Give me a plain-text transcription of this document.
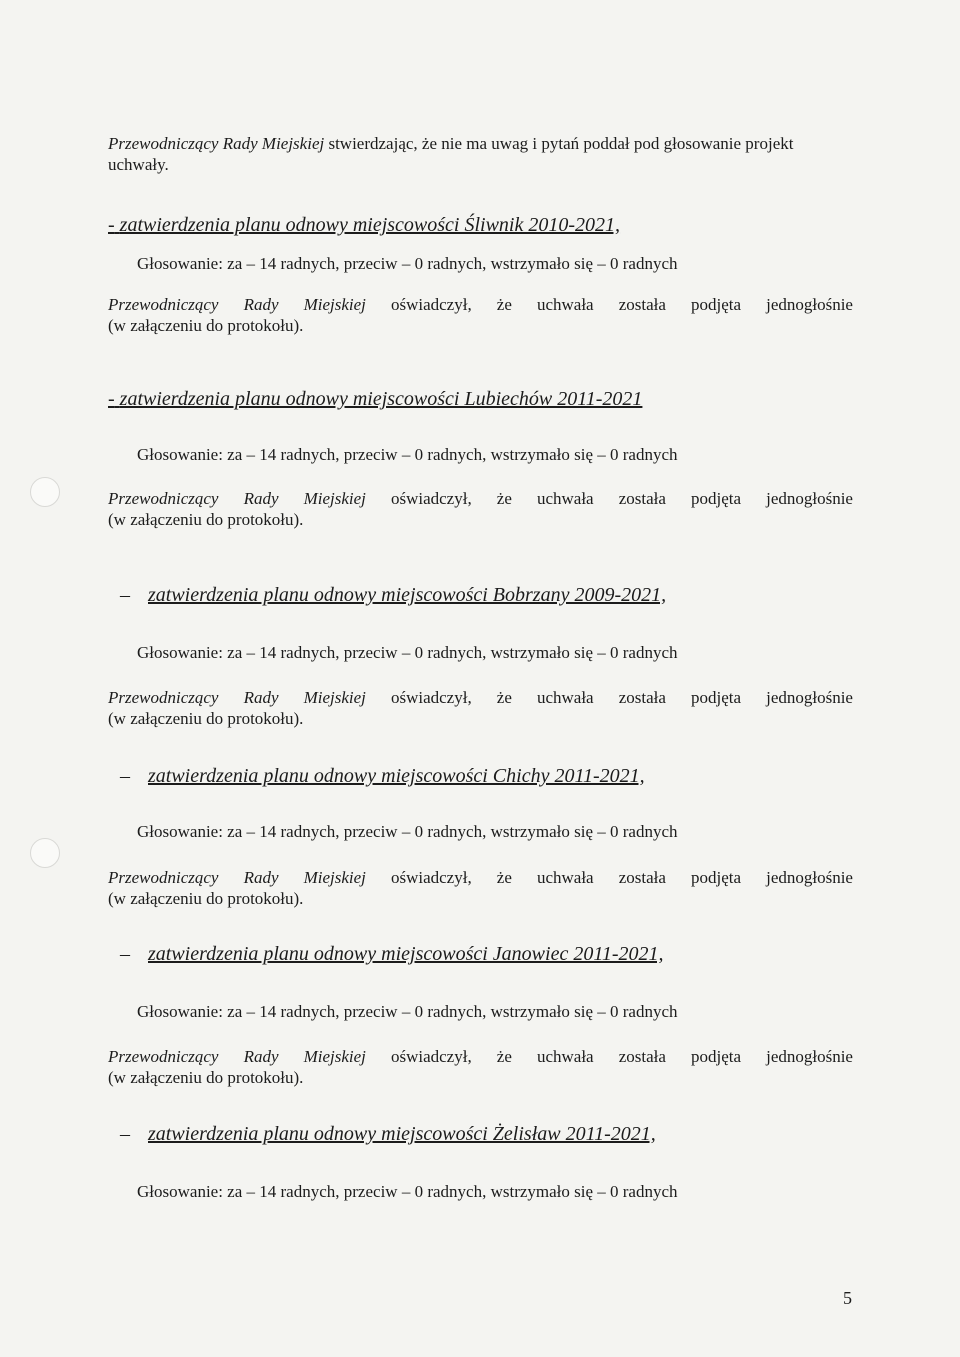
Przewodniczący Rady Miejskiej stwierdzając, że nie ma uwag i pytań poddał pod głosowanie projekt uchwały.
- zatwierdzenia planu odnowy miejscowości Śliwnik 2010-2021,
Głosowanie: za – 14 radnych, przeciw – 0 radnych, wstrzymało się – 0 radnych
Przewodniczący Rady Miejskiej oświadczył, że uchwała została podjęta jednogłośnie
(w załączeniu do protokołu).
- zatwierdzenia planu odnowy miejscowości Lubiechów 2011-2021
Głosowanie: za – 14 radnych, przeciw – 0 radnych, wstrzymało się – 0 radnych
Przewodniczący Rady Miejskiej oświadczył, że uchwała została podjęta jednogłośnie
(w załączeniu do protokołu).
– zatwierdzenia planu odnowy miejscowości Bobrzany 2009-2021,
Głosowanie: za – 14 radnych, przeciw – 0 radnych, wstrzymało się – 0 radnych
Przewodniczący Rady Miejskiej oświadczył, że uchwała została podjęta jednogłośnie
(w załączeniu do protokołu).
– zatwierdzenia planu odnowy miejscowości Chichy 2011-2021,
Głosowanie: za – 14 radnych, przeciw – 0 radnych, wstrzymało się – 0 radnych
Przewodniczący Rady Miejskiej oświadczył, że uchwała została podjęta jednogłośnie
(w załączeniu do protokołu).
– zatwierdzenia planu odnowy miejscowości Janowiec 2011-2021,
Głosowanie: za – 14 radnych, przeciw – 0 radnych, wstrzymało się – 0 radnych
Przewodniczący Rady Miejskiej oświadczył, że uchwała została podjęta jednogłośnie
(w załączeniu do protokołu).
– zatwierdzenia planu odnowy miejscowości Żelisław 2011-2021,
Głosowanie: za – 14 radnych, przeciw – 0 radnych, wstrzymało się – 0 radnych
5
